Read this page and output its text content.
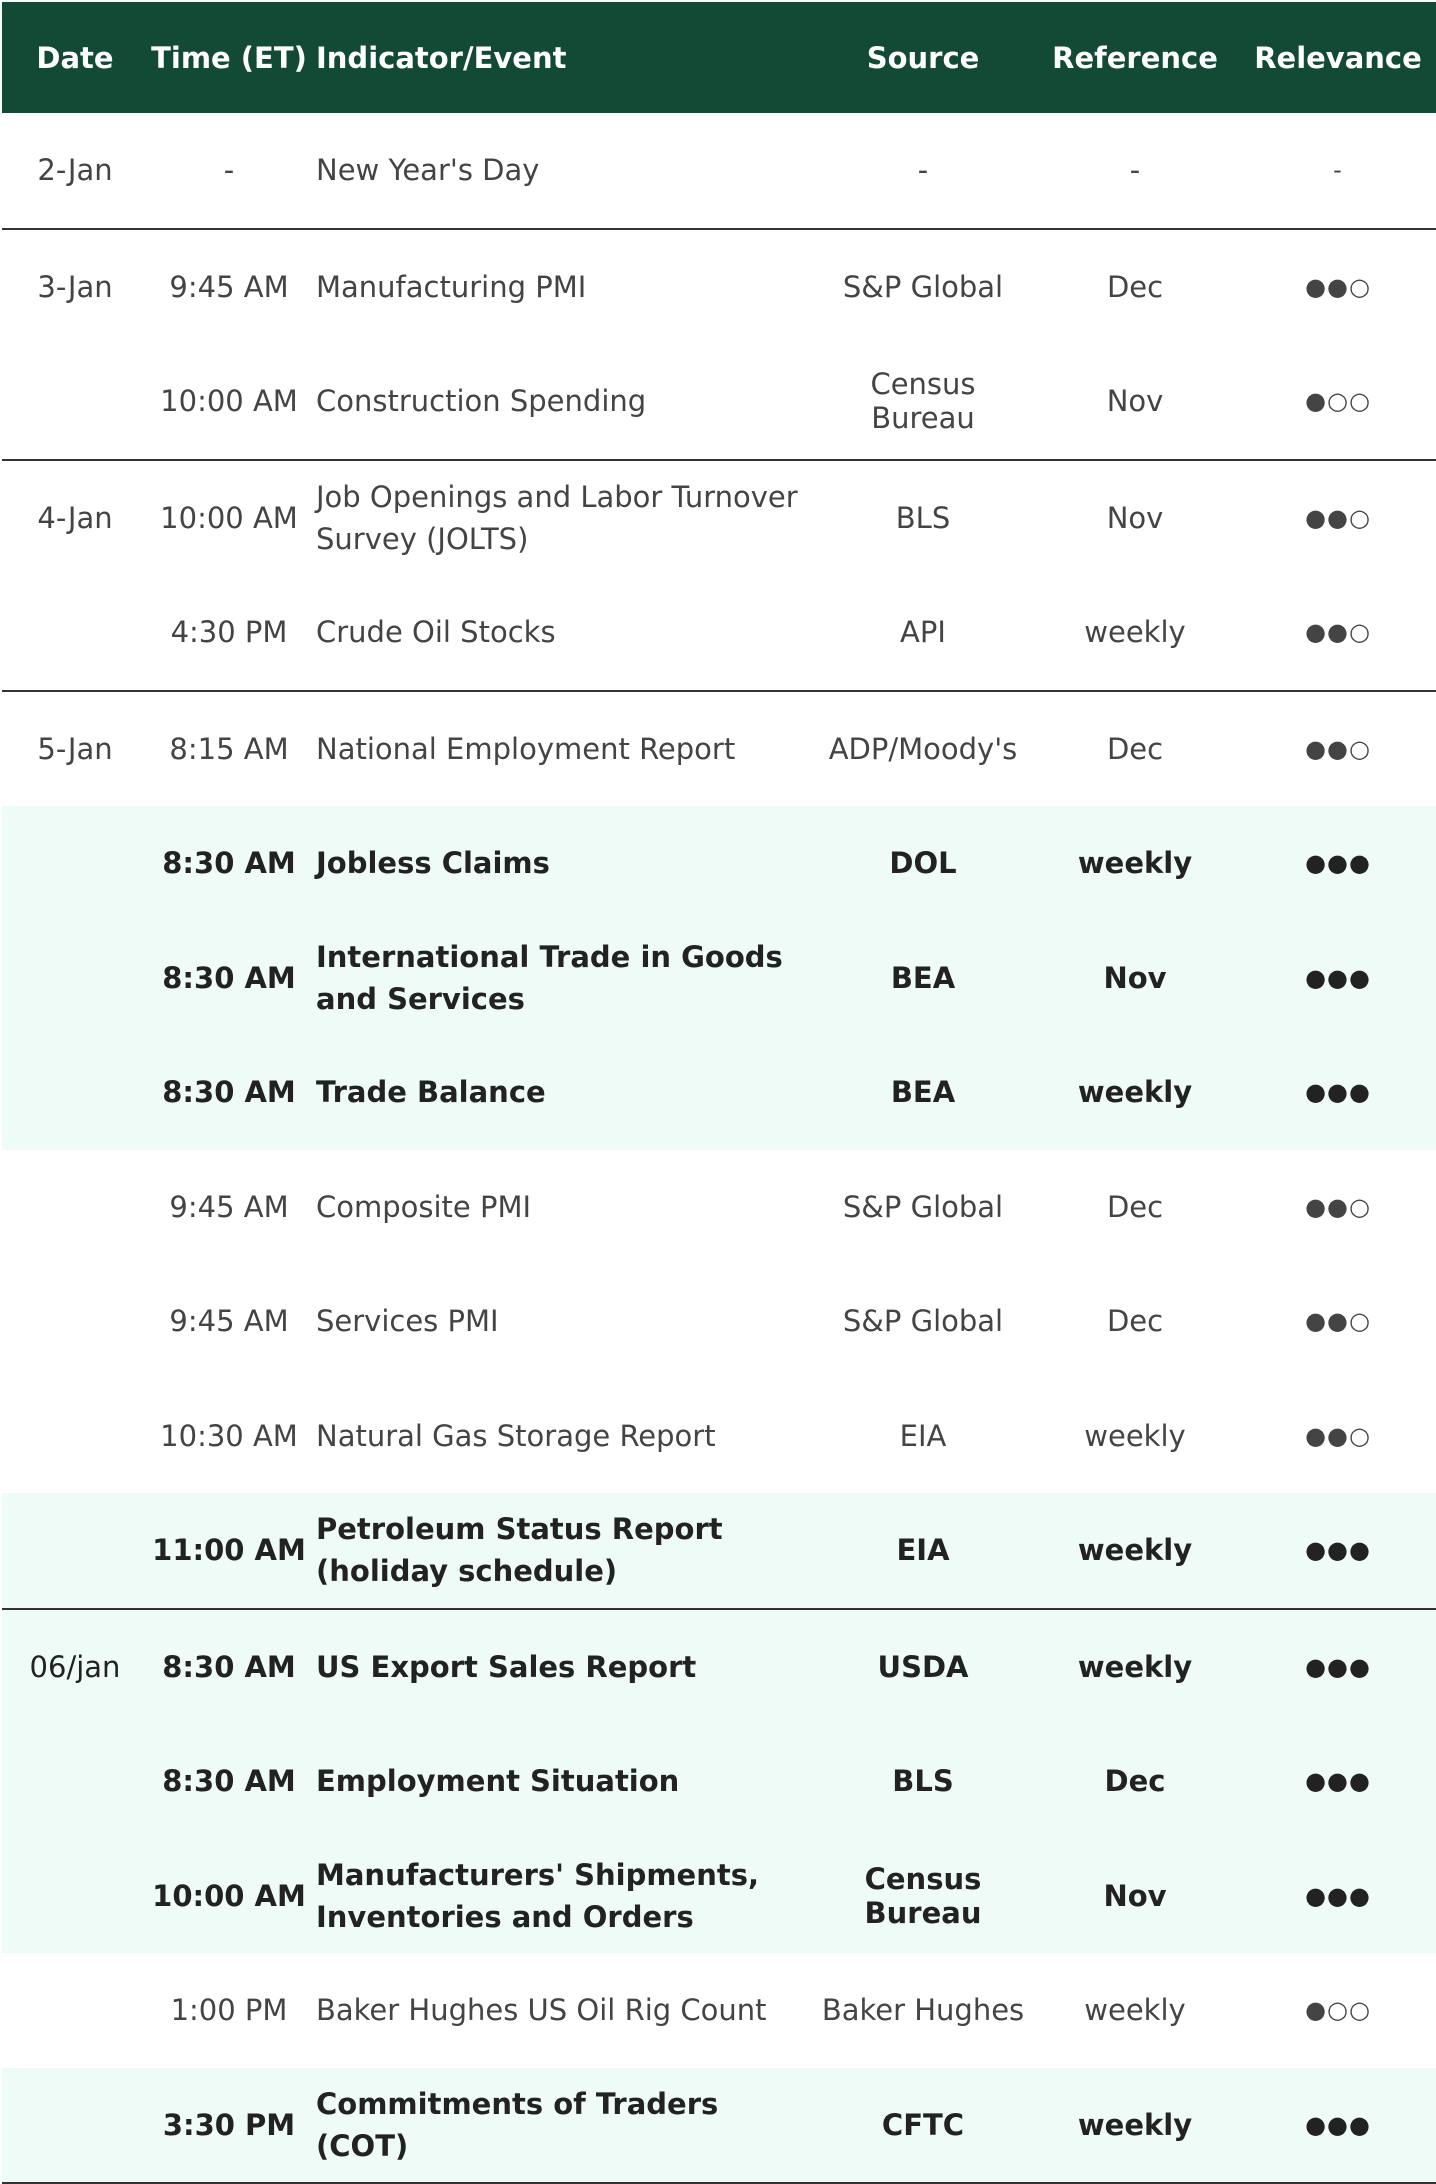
Date	Time (ET)	Indicator/Event	Source	Reference	Relevance
2-Jan	-	New Year's Day	-	-	-
3-Jan	9:45 AM	Manufacturing PMI	S&P Global	Dec	●●○
	10:00 AM	Construction Spending	Census Bureau	Nov	●○○
4-Jan	10:00 AM	Job Openings and Labor Turnover Survey (JOLTS)	BLS	Nov	●●○
	4:30 PM	Crude Oil Stocks	API	weekly	●●○
5-Jan	8:15 AM	National Employment Report	ADP/Moody's	Dec	●●○
	8:30 AM	Jobless Claims	DOL	weekly	●●●
	8:30 AM	International Trade in Goods and Services	BEA	Nov	●●●
	8:30 AM	Trade Balance	BEA	weekly	●●●
	9:45 AM	Composite PMI	S&P Global	Dec	●●○
	9:45 AM	Services PMI	S&P Global	Dec	●●○
	10:30 AM	Natural Gas Storage Report	EIA	weekly	●●○
	11:00 AM	Petroleum Status Report (holiday schedule)	EIA	weekly	●●●
06/jan	8:30 AM	US Export Sales Report	USDA	weekly	●●●
	8:30 AM	Employment Situation	BLS	Dec	●●●
	10:00 AM	Manufacturers' Shipments, Inventories and Orders	Census Bureau	Nov	●●●
	1:00 PM	Baker Hughes US Oil Rig Count	Baker Hughes	weekly	●○○
	3:30 PM	Commitments of Traders (COT)	CFTC	weekly	●●●
